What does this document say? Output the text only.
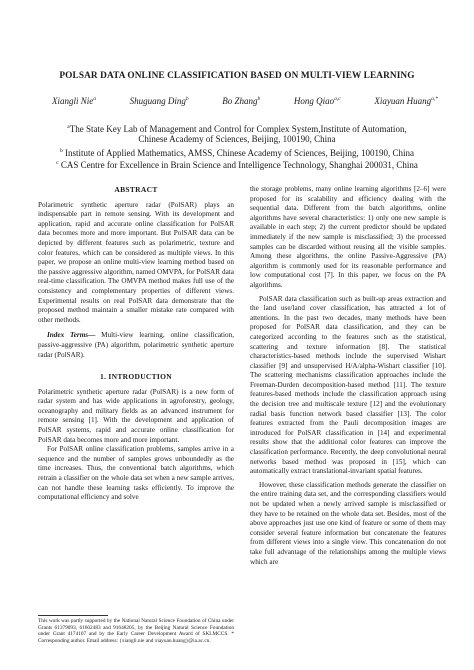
POLSAR DATA ONLINE CLASSIFICATION BASED ON MULTI-VIEW LEARNING
Xiangli Nie$^a$	Shuguang Ding$^b$	Bo Zhang$^b$	Hong Qiao$^{a,c}$	Xiayuan Huang$^{a,*}$
$^a$The State Key Lab of Management and Control for Complex System,Institute of Automation,
Chinese Academy of Sciences, Beijing, 100190, China
$^b$ Institute of Applied Mathematics, AMSS, Chinese Academy of Sciences, Beijing, 100190, China
$^c$ CAS Centre for Excellence in Brain Science and Intelligence Technology, Shanghai 200031, China
ABSTRACT

Polarimetric synthetic aperture radar (PolSAR) plays an indispensable part in remote sensing. With its development and application, rapid and accurate online classification for PolSAR data becomes more and more important. But PolSAR data can be depicted by different features such as polarimetric, texture and color features, which can be considered as multiple views. In this paper, we propose an online multi-view learning method based on the passive aggressive algorithm, named OMVPA, for PolSAR data real-time classification. The OMVPA method makes full use of the consistency and complementary properties of different views. Experimental results on real PolSAR data demonstrate that the proposed method maintain a smaller mistake rate compared with other methods.

Index Terms— Multi-view learning, online classification, passive-aggressive (PA) algorithm, polarimetric synthetic aperture radar (PolSAR).

1. INTRODUCTION

Polarimetric synthetic aperture radar (PolSAR) is a new form of radar system and has wide applications in agroforestry, geology, oceanography and military fields as an advanced instrument for remote sensing [1]. With the development and application of PolSAR systems, rapid and accurate online classification for PolSAR data becomes more and more important.

For PolSAR online classification problems, samples arrive in a sequence and the number of samples grows unboundedly as the time increases. Thus, the conventional batch algorithms, which retrain a classifier on the whole data set when a new sample arrives, can not handle these learning tasks efficiently. To improve the computational efficiency and solve

This work was partly supported by the National Natural Science Foundation of China under Grants 61379093, 61602483 and 91648205, by the Beijing Natural Science Foundation under Grant 4174107 and by the Early Career Development Award of SKLMCCS. * Corresponding author. Email address: {xiangli.nie and xiayuan.huang}@ia.ac.cn.

the storage problems, many online learning algorithms [2–6] were proposed for its scalability and efficiency dealing with the sequential data. Different from the batch algorithms, online algorithms have several characteristics: 1) only one new sample is available in each step; 2) the current predictor should be updated immediately if the new sample is misclassified; 3) the processed samples can be discarded without reusing all the visible samples. Among these algorithms, the online Passive-Aggressive (PA) algorithm is commonly used for its reasonable performance and low computational cost [7]. In this paper, we focus on the PA algorithms.

PolSAR data classification such as built-up areas extraction and the land use/land cover classification, has attracted a lot of attentions. In the past two decades, many methods have been proposed for PolSAR data classification, and they can be categorized according to the features such as the statistical, scattering and texture information [8]. The statistical characteristics-based methods include the supervised Wishart classifier [9] and unsupervised H/A/alpha-Wishart classifier [10]. The scattering mechanisms classification approaches include the Freeman-Durden decomposition-based method [11]. The texture features-based methods include the classification approach using the decision tree and multiscale texture [12] and the evolutionary radial basis function network based classifier [13]. The color features extracted from the Pauli decomposition images are introduced for PolSAR classification in [14] and experimental results show that the additional color features can improve the classification performance. Recently, the deep convolutional neural networks based method was proposed in [15], which can automatically extract translational-invariant spatial features.

However, these classification methods generate the classifier on the entire training data set, and the corresponding classifiers would not be updated when a newly arrived sample is misclassified or they have to be retained on the whole data set. Besides, most of the above approaches just use one kind of feature or some of them may consider several feature information but concatenate the features from different views into a single view. This concatenation do not take full advantage of the relationships among the multiple views which are
